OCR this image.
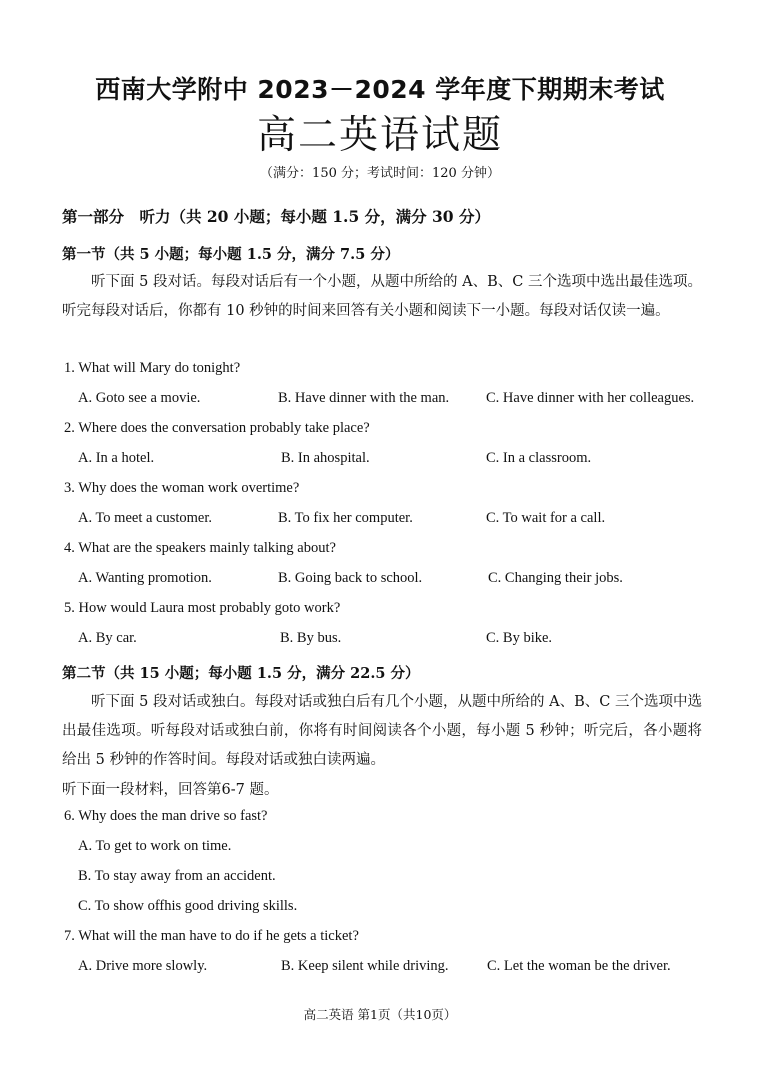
西南大学附中 2023－2024 学年度下期期末考试
高二英语试题
（满分：150 分；考试时间：120 分钟）
第一部分　听力（共 20 小题；每小题 1.5 分，满分 30 分）
第一节（共 5 小题；每小题 1.5 分，满分 7.5 分）
听下面 5 段对话。每段对话后有一个小题，从题中所给的 A、B、C 三个选项中选出最佳选项。听完每段对话后，你都有 10 秒钟的时间来回答有关小题和阅读下一小题。每段对话仅读一遍。
1. What will Mary do tonight?
A. Goto see a movie.	B. Have dinner with the man.	C. Have dinner with her colleagues.
2. Where does the conversation probably take place?
A. In a hotel.	B. In ahospital.	C. In a classroom.
3. Why does the woman work overtime?
A. To meet a customer.	B. To fix her computer.	C. To wait for a call.
4. What are the speakers mainly talking about?
A. Wanting promotion.	B. Going back to school.	C. Changing their jobs.
5. How would Laura most probably goto work?
A. By car.	B. By bus.	C. By bike.
第二节（共 15 小题；每小题 1.5 分，满分 22.5 分）
听下面 5 段对话或独白。每段对话或独白后有几个小题，从题中所给的 A、B、C 三个选项中选出最佳选项。听每段对话或独白前，你将有时间阅读各个小题，每小题 5 秒钟；听完后，各小题将给出 5 秒钟的作答时间。每段对话或独白读两遍。
听下面一段材料，回答第6-7 题。
6. Why does the man drive so fast?
A. To get to work on time.
B. To stay away from an accident.
C. To show offhis good driving skills.
7. What will the man have to do if he gets a ticket?
A. Drive more slowly.	B. Keep silent while driving.	C. Let the woman be the driver.
高二英语 第1页（共10页）
